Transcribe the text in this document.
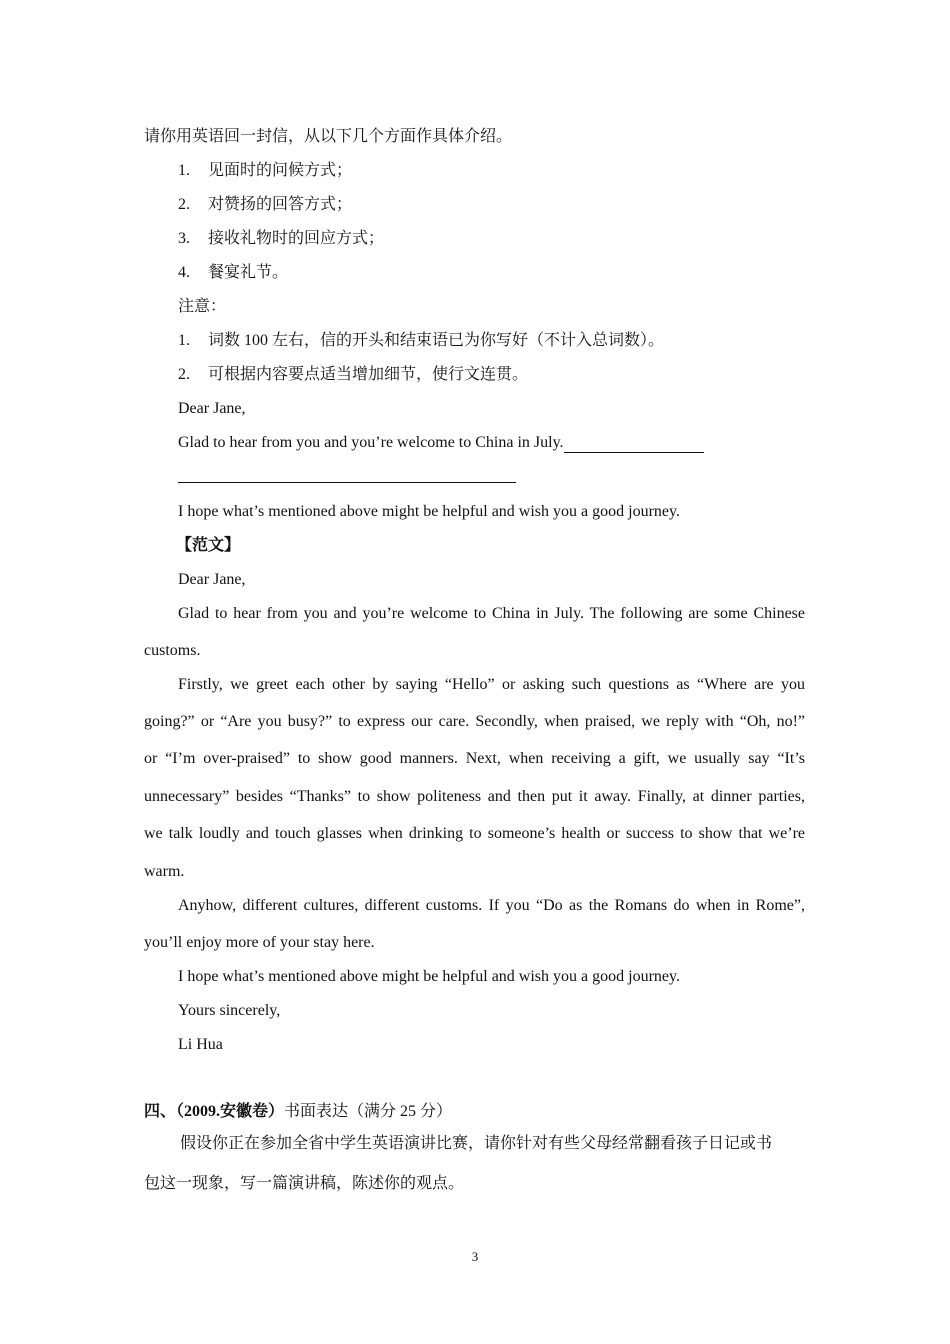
请你用英语回一封信，从以下几个方面作具体介绍。
1. 见面时的问候方式；
2. 对赞扬的回答方式；
3. 接收礼物时的回应方式；
4. 餐宴礼节。
注意：
1. 词数 100 左右，信的开头和结束语已为你写好（不计入总词数）。
2. 可根据内容要点适当增加细节，使行文连贯。
Dear Jane,
Glad to hear from you and you’re welcome to China in July.
I hope what’s mentioned above might be helpful and wish you a good journey.
【范文】
Dear Jane,
Glad to hear from you and you’re welcome to China in July. The following are some Chinese
customs.
Firstly, we greet each other by saying “Hello” or asking such questions as “Where are you
going?” or “Are you busy?” to express our care. Secondly, when praised, we reply with “Oh, no!”
or “I’m over-praised” to show good manners. Next, when receiving a gift, we usually say “It’s
unnecessary” besides “Thanks” to show politeness and then put it away. Finally, at dinner parties,
we talk loudly and touch glasses when drinking to someone’s health or success to show that we’re
warm.
Anyhow, different cultures, different customs. If you “Do as the Romans do when in Rome”,
you’ll enjoy more of your stay here.
I hope what’s mentioned above might be helpful and wish you a good journey.
Yours sincerely,
Li Hua
四、（2009.安徽卷）书面表达（满分 25 分）
假设你正在参加全省中学生英语演讲比赛，请你针对有些父母经常翻看孩子日记或书
包这一现象，写一篇演讲稿，陈述你的观点。
3
